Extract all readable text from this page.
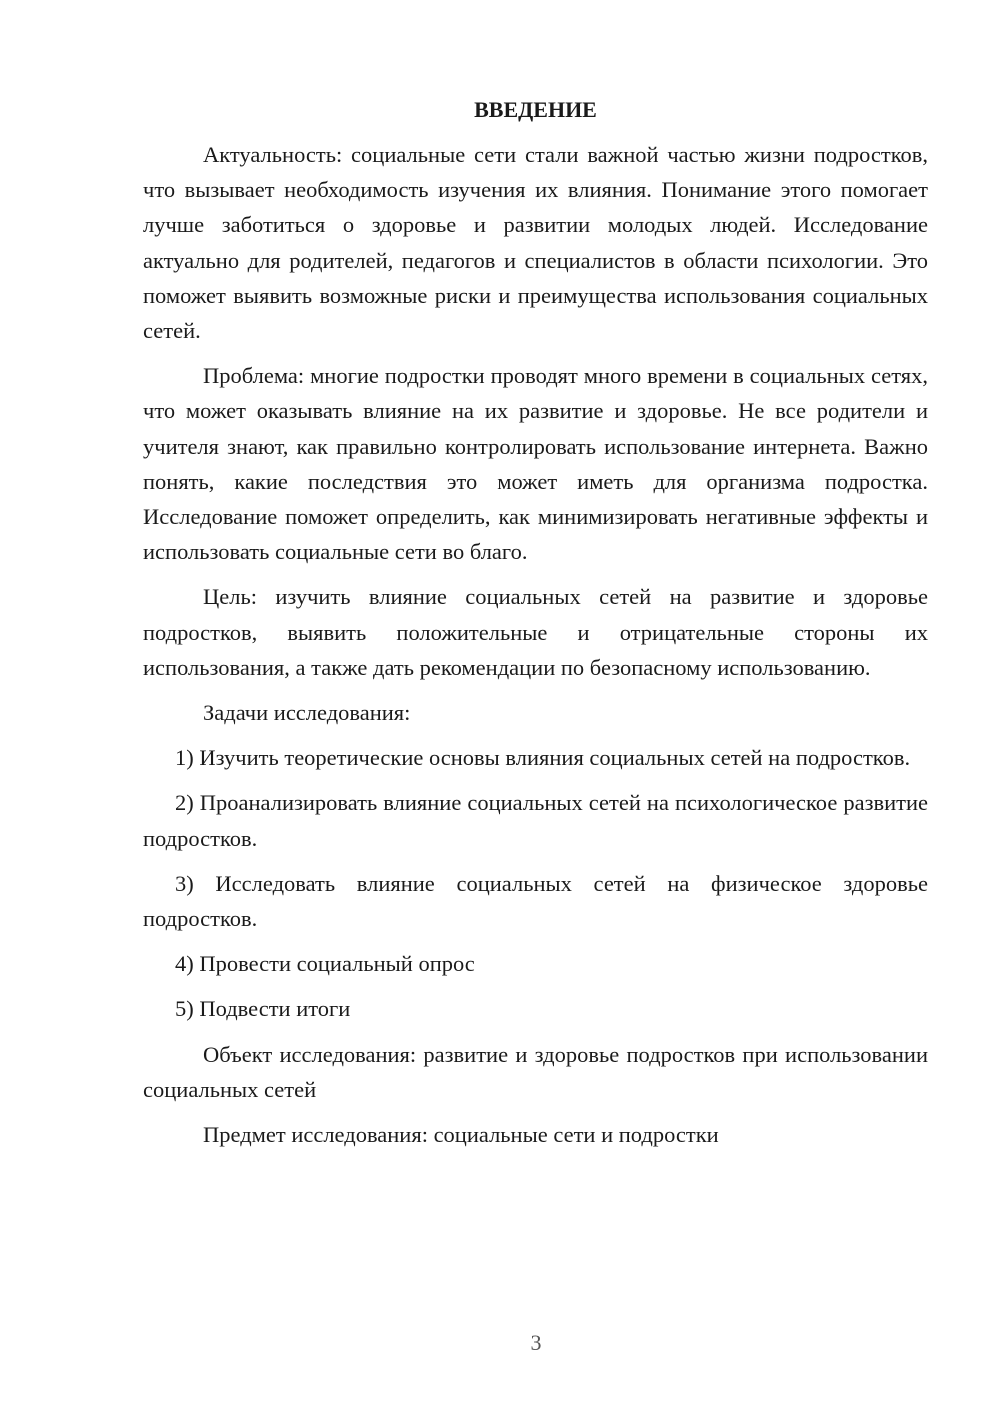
ВВЕДЕНИЕ

Актуальность: социальные сети стали важной частью жизни подростков, что вызывает необходимость изучения их влияния. Понимание этого помогает лучше заботиться о здоровье и развитии молодых людей. Исследование актуально для родителей, педагогов и специалистов в области психологии. Это поможет выявить возможные риски и преимущества использования социальных сетей.

Проблема: многие подростки проводят много времени в социальных сетях, что может оказывать влияние на их развитие и здоровье. Не все родители и учителя знают, как правильно контролировать использование интернета. Важно понять, какие последствия это может иметь для организма подростка. Исследование поможет определить, как минимизировать негативные эффекты и использовать социальные сети во благо.

Цель: изучить влияние социальных сетей на развитие и здоровье подростков, выявить положительные и отрицательные стороны их использования, а также дать рекомендации по безопасному использованию.

Задачи исследования:

1) Изучить теоретические основы влияния социальных сетей на подростков.

2) Проанализировать влияние социальных сетей на психологическое развитие подростков.

3) Исследовать влияние социальных сетей на физическое здоровье подростков.

4) Провести социальный опрос

5) Подвести итоги

Объект исследования: развитие и здоровье подростков при использовании социальных сетей

Предмет исследования: социальные сети и подростки

3
